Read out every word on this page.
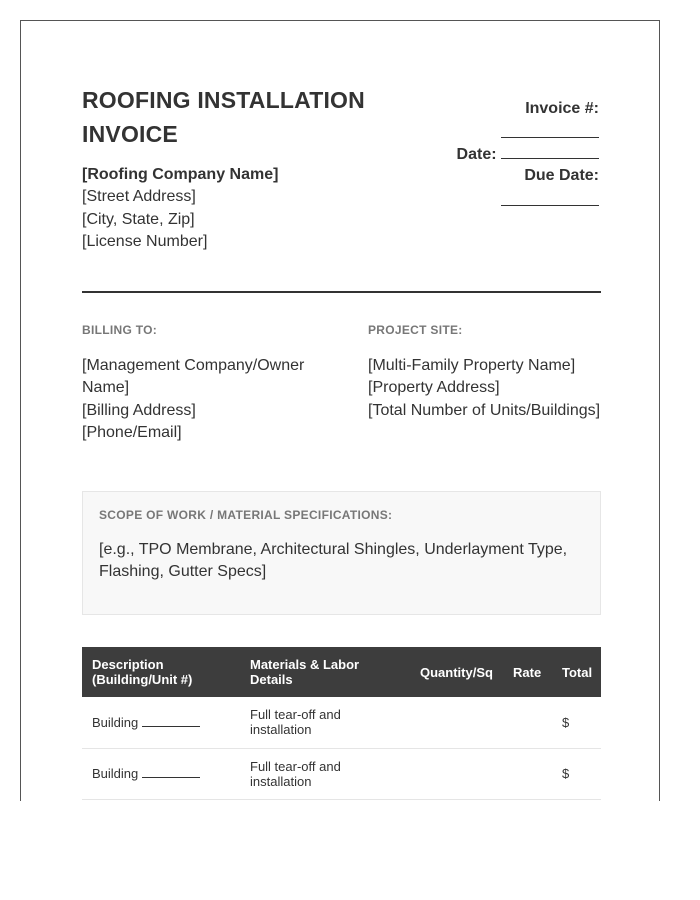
ROOFING INSTALLATION INVOICE
[Roofing Company Name]
[Street Address]
[City, State, Zip]
[License Number]
Invoice #:
Date:
Due Date:
BILLING TO:
[Management Company/Owner Name]
[Billing Address]
[Phone/Email]
PROJECT SITE:
[Multi-Family Property Name]
[Property Address]
[Total Number of Units/Buildings]
SCOPE OF WORK / MATERIAL SPECIFICATIONS:
[e.g., TPO Membrane, Architectural Shingles, Underlayment Type, Flashing, Gutter Specs]
Description (Building/Unit #)	Materials & Labor Details	Quantity/Sq	Rate	Total
Building	Full tear-off and installation			$
Building	Full tear-off and installation			$
